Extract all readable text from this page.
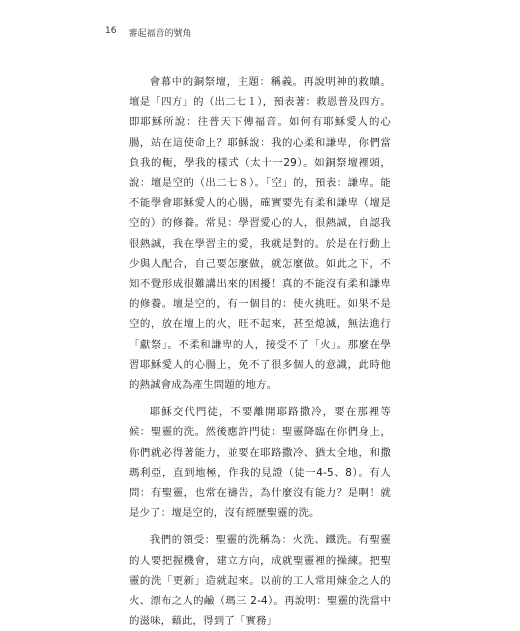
16 審起福音的號角

會幕中的銅祭壇，主題：稱義。再說明神的救贖。壇是「四方」的（出二七１），預表著：救恩普及四方。即耶穌所說：往普天下傳福音。如何有耶穌愛人的心腸，站在這使命上？耶穌說：我的心柔和謙卑，你們當負我的軛，學我的樣式（太十一29）。如銅祭壇裡頭，說：壇是空的（出二七８）。「空」的，預表：謙卑。能不能學會耶穌愛人的心腸，確實要先有柔和謙卑（壇是空的）的修養。常見：學習愛心的人，很熱誠，自認我很熱誠，我在學習主的愛，我就是對的。於是在行動上少與人配合，自己要怎麼做，就怎麼做。如此之下，不知不覺形成很難講出來的困擾！真的不能沒有柔和謙卑的修養。壇是空的，有一個目的：使火挑旺。如果不是空的，放在壇上的火，旺不起來，甚至熄滅，無法進行「獻祭」。不柔和謙卑的人，接受不了「火」。那麼在學習耶穌愛人的心腸上，免不了很多個人的意識，此時他的熱誠會成為產生問題的地方。

耶穌交代門徒，不要離開耶路撒冷，要在那裡等候：聖靈的洗。然後應許門徒：聖靈降臨在你們身上，你們就必得著能力，並要在耶路撒冷、猶太全地，和撒瑪利亞，直到地極，作我的見證（徒一4-5、8）。有人問：有聖靈，也常在禱告，為什麼沒有能力？是啊！就是少了：壇是空的，沒有經歷聖靈的洗。

我們的領受：聖靈的洗稱為：火洗、鐵洗。有聖靈的人要把握機會，建立方向，成就聖靈裡的操練。把聖靈的洗「更新」造就起來。以前的工人常用煉金之人的火、漂布之人的鹼（瑪三 2-4）。再說明：聖靈的洗當中的滋味，藉此，得到了「實務」
